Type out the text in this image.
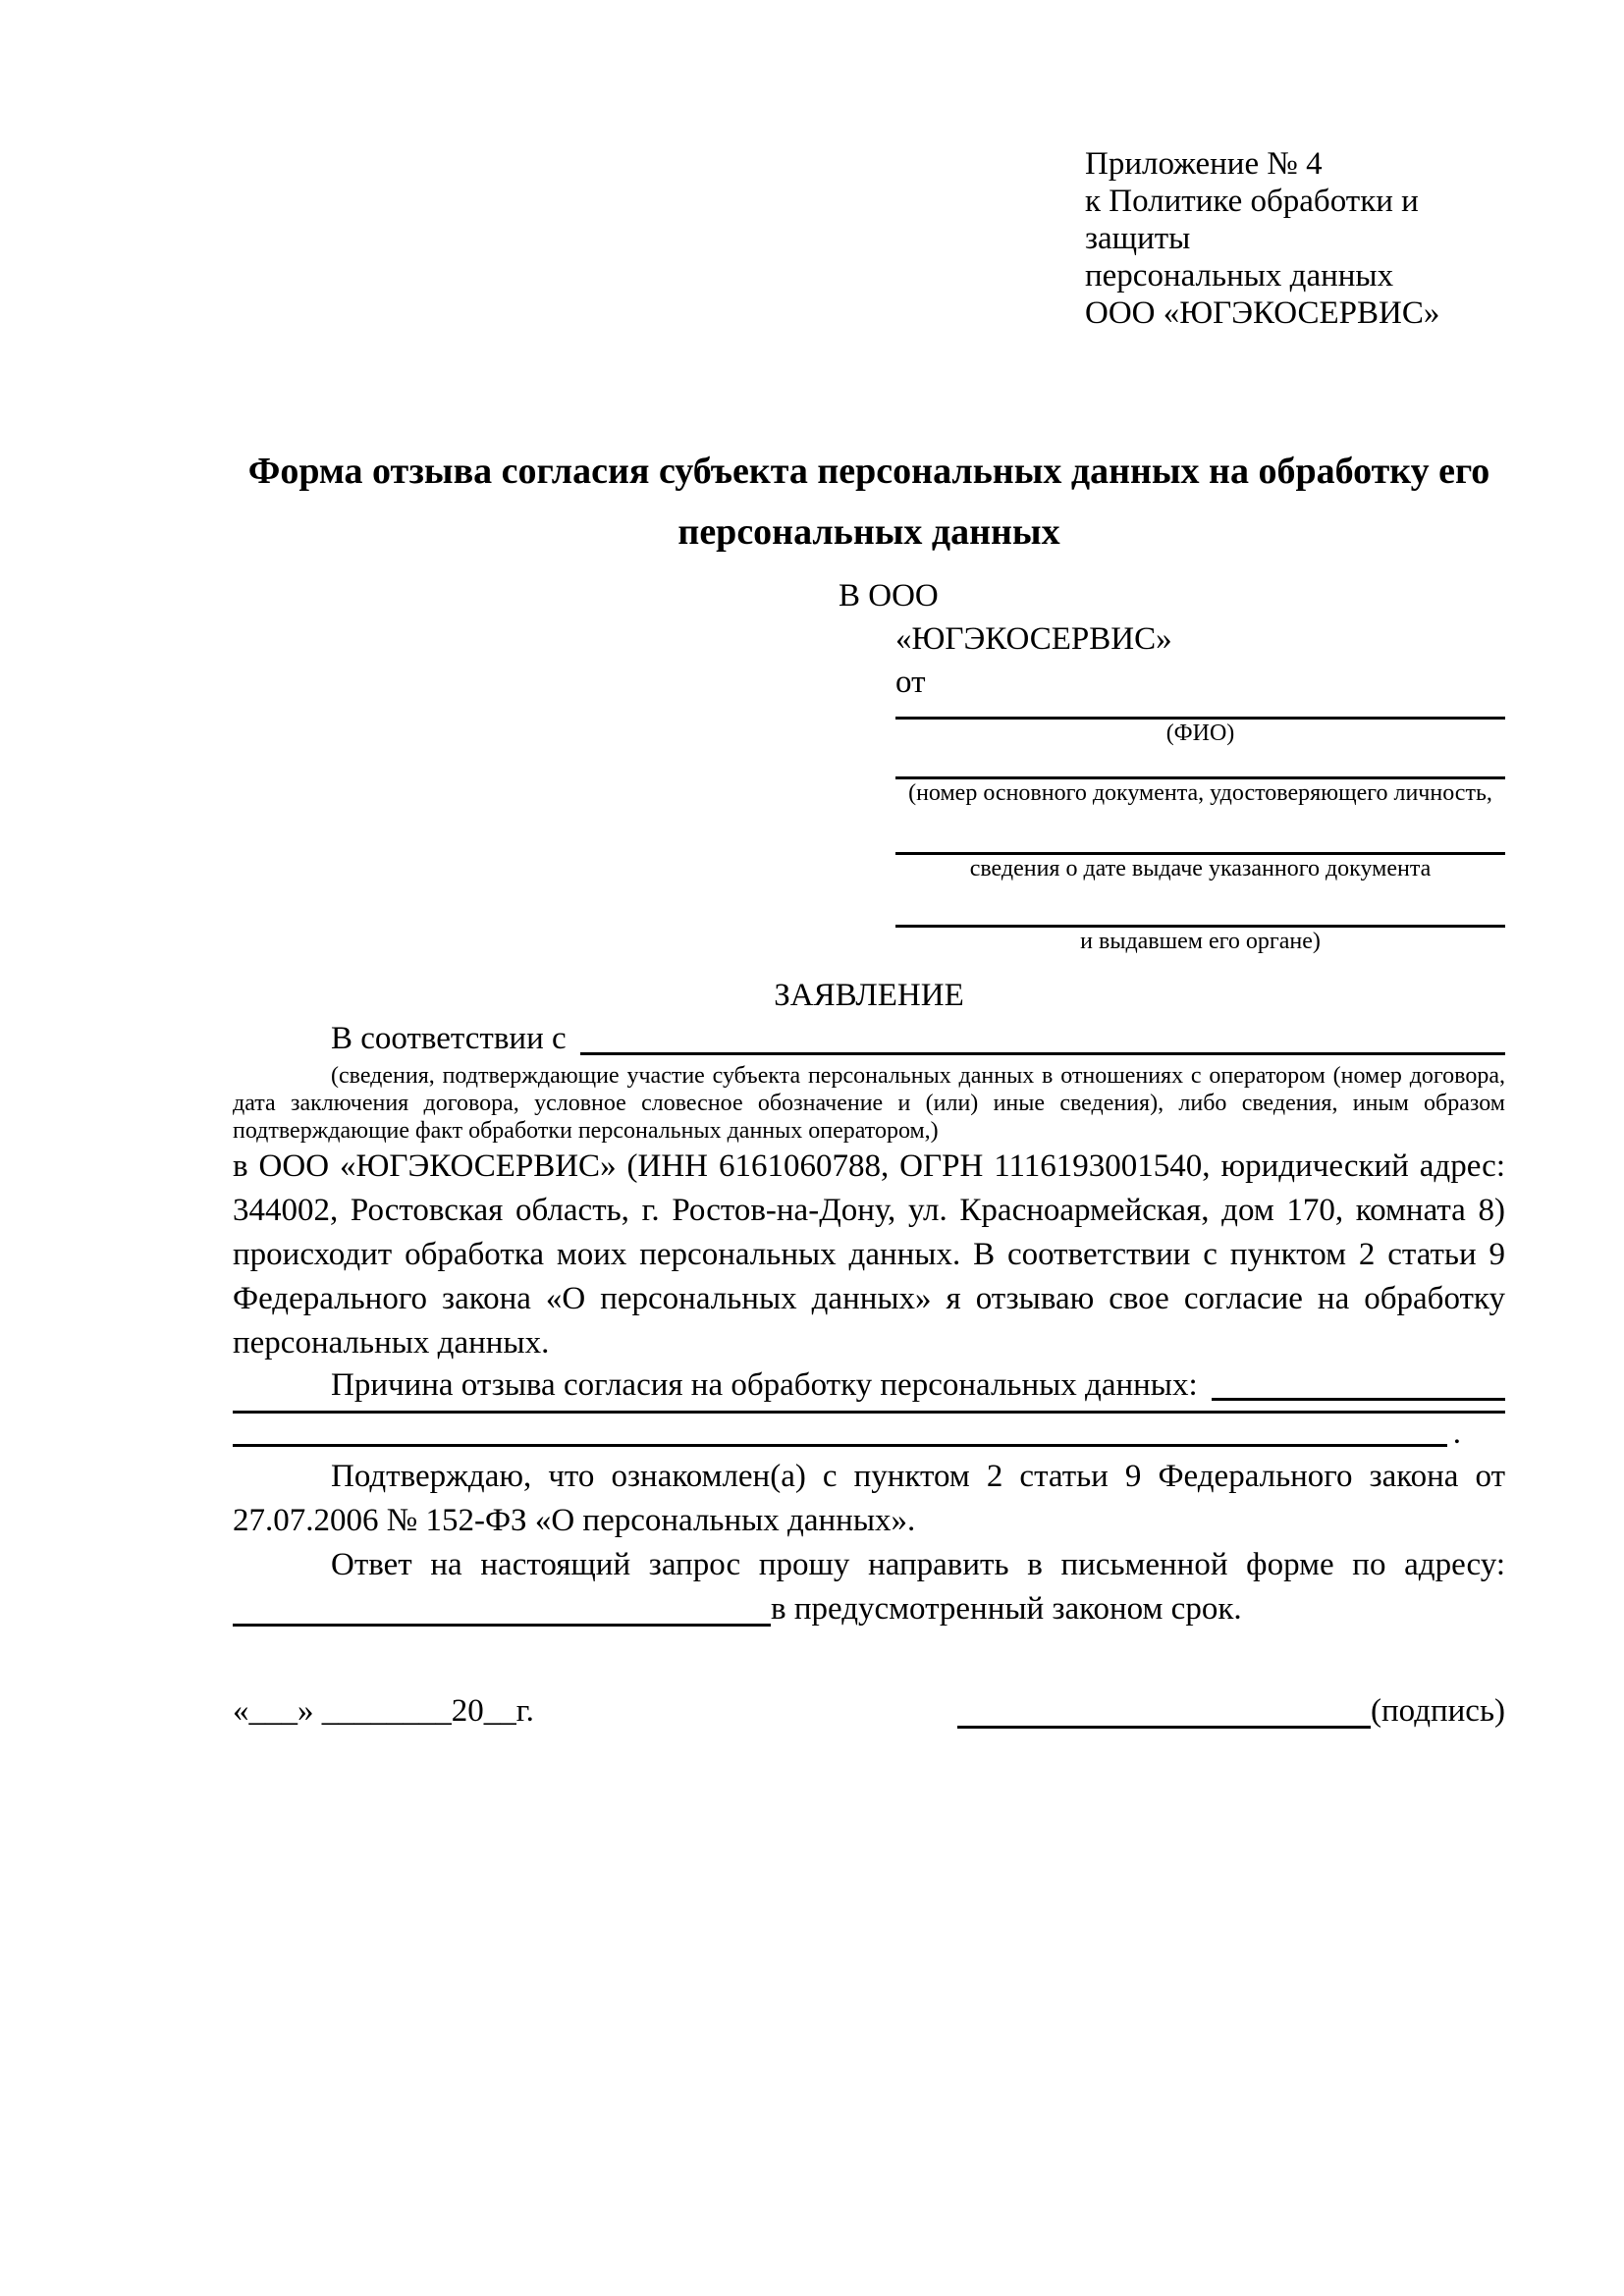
Приложение № 4
к Политике обработки и защиты
персональных данных
ООО «ЮГЭКОСЕРВИС»
Форма отзыва согласия субъекта персональных данных на обработку его персональных данных
В ООО
«ЮГЭКОСЕРВИС»
от
(ФИО)
(номер основного документа, удостоверяющего личность,
сведения о дате выдаче указанного документа
и выдавшем его органе)
ЗАЯВЛЕНИЕ
В соответствии с
(сведения, подтверждающие участие субъекта персональных данных в отношениях с оператором (номер договора, дата заключения договора, условное словесное обозначение и (или) иные сведения), либо сведения, иным образом подтверждающие факт обработки персональных данных оператором,)
в ООО «ЮГЭКОСЕРВИС» (ИНН 6161060788, ОГРН 1116193001540, юридический адрес: 344002, Ростовская область, г. Ростов-на-Дону, ул. Красноармейская, дом 170, комната 8) происходит обработка моих персональных данных. В соответствии с пунктом 2 статьи 9 Федерального закона «О персональных данных» я отзываю свое согласие на обработку персональных данных.
Причина отзыва согласия на обработку персональных данных:
.
Подтверждаю, что ознакомлен(а) с пунктом 2 статьи 9 Федерального закона от 27.07.2006 № 152-ФЗ «О персональных данных».
Ответ на настоящий запрос прошу направить в письменной форме по адресу:
в предусмотренный законом срок.
«___» ________20__г.	(подпись)
